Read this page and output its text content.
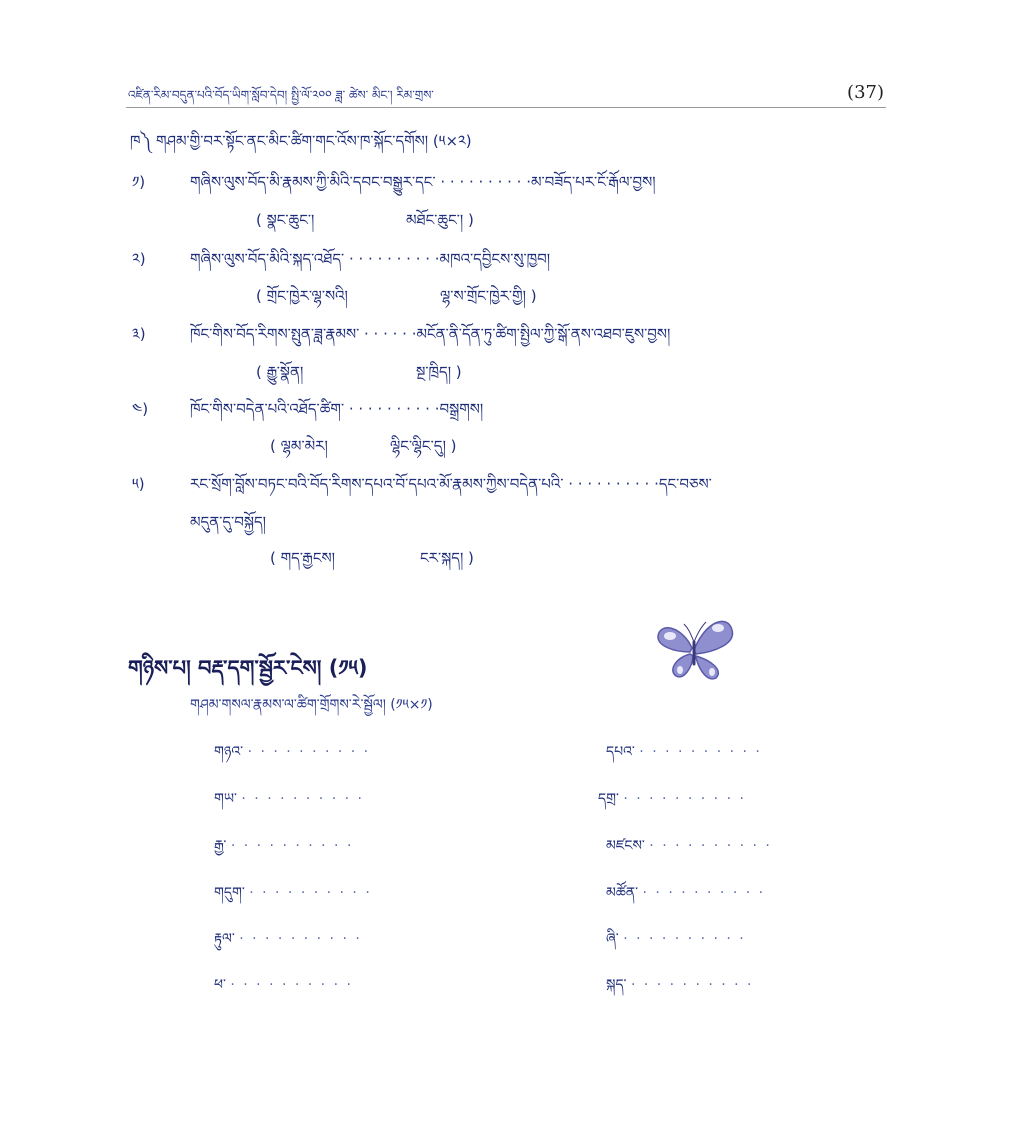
འཛིན་རིམ་བདུན་པའི་བོད་ཡིག་སློབ་དེབ། སྤྱི་ལོ་༢༠༠ ཟླ་ ཚེས་ མིང་། རིམ་གྲས་	(37)
ཁ༽ གཤམ་གྱི་བར་སྟོང་ནང་མིང་ཚིག་གང་འོས་ཁ་སྐོང་དགོས། (༥×༢)
༡)	གཞིས་ལུས་བོད་མི་རྣམས་ཀྱི་མིའི་དབང་བསྒྱུར་དང་ · · · · · · · · · ·མ་བཟོད་པར་ངོ་རྒོལ་བྱས།
( སྣང་ཆུང་།	མཐོང་ཆུང་། )
༢)	གཞིས་ལུས་བོད་མིའི་སྐད་འཐོད་ · · · · · · · · · ·མཁའ་དབྱིངས་སུ་ཁྱབ།
( གྲོང་ཁྱེར་ལྷ་སའི།	ལྷ་ས་གྲོང་ཁྱེར་གྱི། )
༣)	ཁོང་གིས་བོད་རིགས་སྤུན་ཟླ་རྣམས་ · · · · · ·མངོན་ནི་དོན་ཏུ་ཚིག་སྤྱིལ་ཀྱི་སྒོ་ནས་འཐབ་ཇུས་བྱས།
( རྒྱུ་སྣོན།	སྔ་ཁྲིད། )
༤)	ཁོང་གིས་བདེན་པའི་འཐོད་ཚིག་ · · · · · · · · · ·བསྒྲགས།
( ལྷམ་མེར།	ལྷིང་ལྷིང་དུ། )
༥)	རང་སྲོག་བློས་བཏང་བའི་བོད་རིགས་དཔའ་བོ་དཔའ་མོ་རྣམས་ཀྱིས་བདེན་པའི་ · · · · · · · · · ·དང་བཅས་
མདུན་དུ་བསྐྱོད།
( གད་རྒྱངས།	ངར་སྐད། )
གཉིས་པ། བརྡ་དག་སྦྱོར་ངེས། (༡༥)
གཤམ་གསལ་རྣམས་ལ་ཚིག་གྲོགས་རེ་སྦྱོལ། (༡༥×༡)
གཉའ་ · · · · · · · · · ·
གཡ་ · · · · · · · · · ·
རྒྱ་ · · · · · · · · · ·
གདུག་ · · · · · · · · · ·
རྟུལ་ · · · · · · · · · ·
ཕ་ · · · · · · · · · ·
དཔའ་ · · · · · · · · · ·
དགྲ་ · · · · · · · · · ·
མཛངས་ · · · · · · · · · ·
མཚོན་ · · · · · · · · · ·
ཞི་ · · · · · · · · · ·
སྐད་ · · · · · · · · · ·
